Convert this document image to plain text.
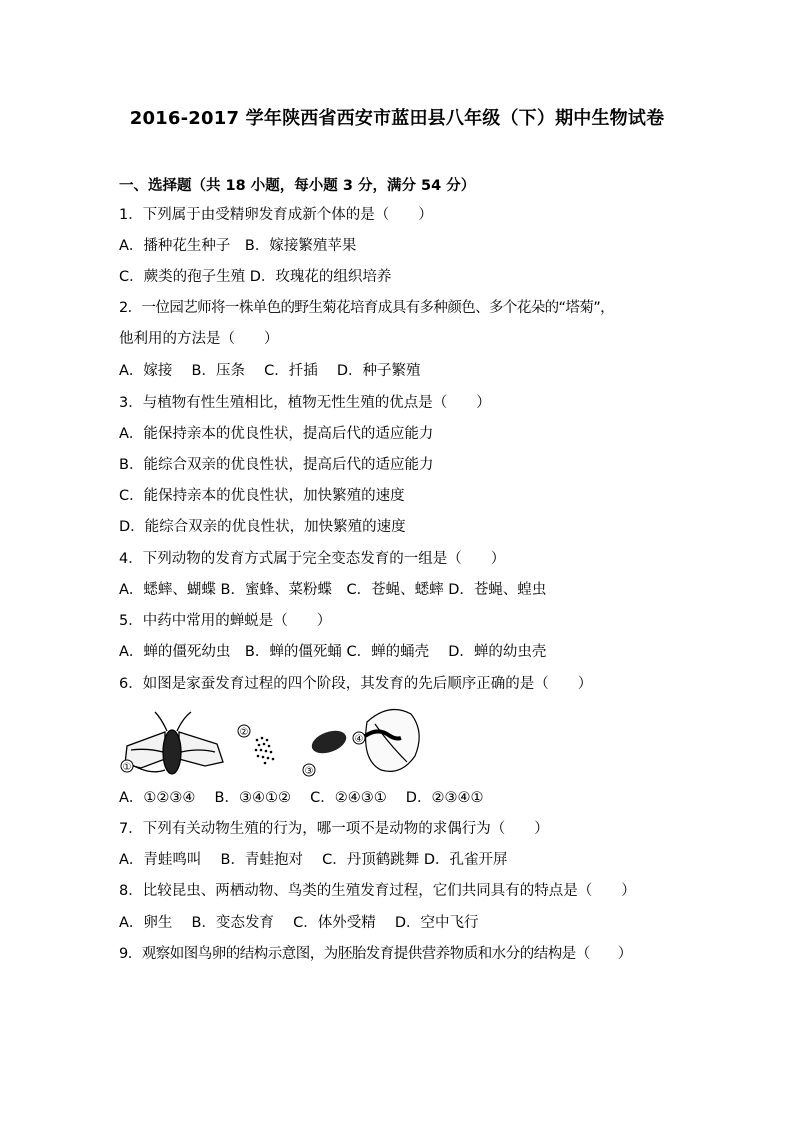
2016-2017 学年陕西省西安市蓝田县八年级（下）期中生物试卷
一、选择题（共 18 小题，每小题 3 分，满分 54 分）
1．下列属于由受精卵发育成新个体的是（　　）
A．播种花生种子　B．嫁接繁殖苹果
C．蕨类的孢子生殖 D．玫瑰花的组织培养
2．一位园艺师将一株单色的野生菊花培育成具有多种颜色、多个花朵的“塔菊”，
他利用的方法是（　　）
A．嫁接　 B．压条　 C．扦插　 D．种子繁殖
3．与植物有性生殖相比，植物无性生殖的优点是（　　）
A．能保持亲本的优良性状，提高后代的适应能力
B．能综合双亲的优良性状，提高后代的适应能力
C．能保持亲本的优良性状，加快繁殖的速度
D．能综合双亲的优良性状，加快繁殖的速度
4．下列动物的发育方式属于完全变态发育的一组是（　　）
A．蟋蟀、蝴蝶 B．蜜蜂、菜粉蝶　C．苍蝇、蟋蟀 D．苍蝇、蝗虫
5．中药中常用的蝉蜕是（　　）
A．蝉的僵死幼虫　B．蝉的僵死蛹 C．蝉的蛹壳　 D．蝉的幼虫壳
6．如图是家蚕发育过程的四个阶段，其发育的先后顺序正确的是（　　）
①
②
③
④
A．①②③④　 B．③④①②　 C．②④③①　 D．②③④①
7．下列有关动物生殖的行为，哪一项不是动物的求偶行为（　　）
A．青蛙鸣叫　 B．青蛙抱对　 C．丹顶鹤跳舞 D．孔雀开屏
8．比较昆虫、两栖动物、鸟类的生殖发育过程，它们共同具有的特点是（　　）
A．卵生　 B．变态发育　 C．体外受精　 D．空中飞行
9．观察如图鸟卵的结构示意图，为胚胎发育提供营养物质和水分的结构是（　　）
